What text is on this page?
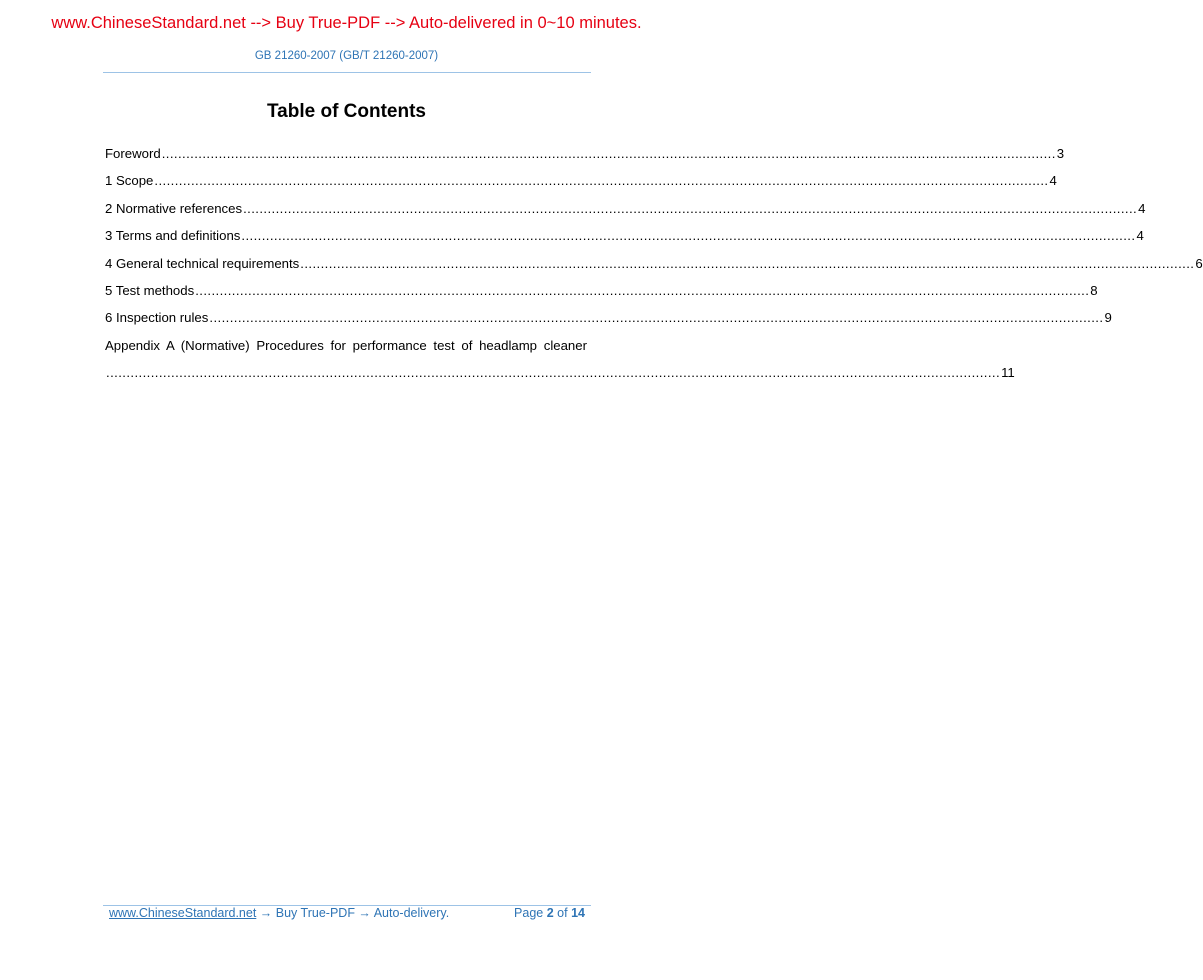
www.ChineseStandard.net --> Buy True-PDF --> Auto-delivered in 0~10 minutes.
GB 21260-2007 (GB/T 21260-2007)
Table of Contents
Foreword ............................................................................................................................................................................................................................ 3
1 Scope ............................................................................................................................................................................................................................ 4
2 Normative references ............................................................................................................................................................................................................................ 4
3 Terms and definitions ............................................................................................................................................................................................................................ 4
4 General technical requirements ............................................................................................................................................................................................................................ 6
5 Test methods ............................................................................................................................................................................................................................ 8
6 Inspection rules ............................................................................................................................................................................................................................ 9
Appendix A (Normative) Procedures for performance test of headlamp cleaner
............................................................................................................................................................................................................................ 11
www.ChineseStandard.net → Buy True-PDF → Auto-delivery.	Page 2 of 14
